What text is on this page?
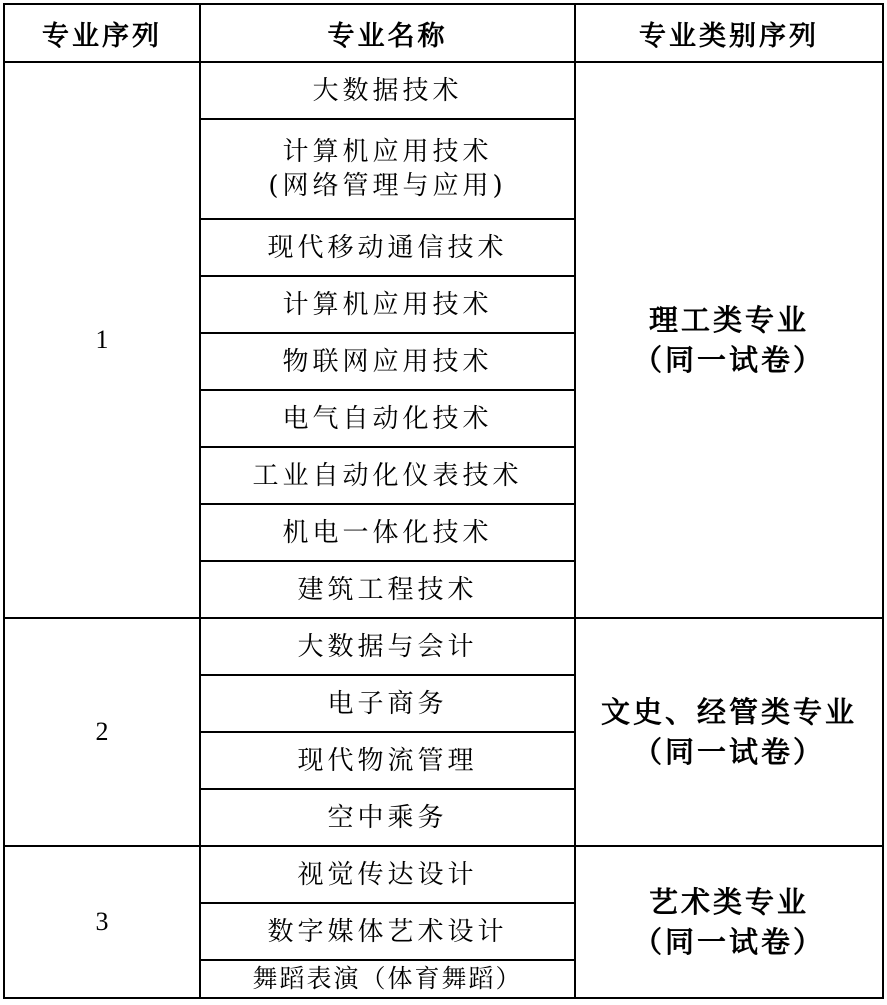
专业序列	专业名称	专业类别序列
1	大数据技术	理工类专业
（同一试卷）

	计算机应用技术
(网络管理与应用)	
	现代移动通信技术	
	计算机应用技术	
	物联网应用技术	
	电气自动化技术	
	工业自动化仪表技术	
	机电一体化技术	
	建筑工程技术	
2	大数据与会计	文史、经管类专业
（同一试卷）

	电子商务	
	现代物流管理	
	空中乘务	
3	视觉传达设计	艺术类专业
（同一试卷）

	数字媒体艺术设计	
	舞蹈表演（体育舞蹈）	
